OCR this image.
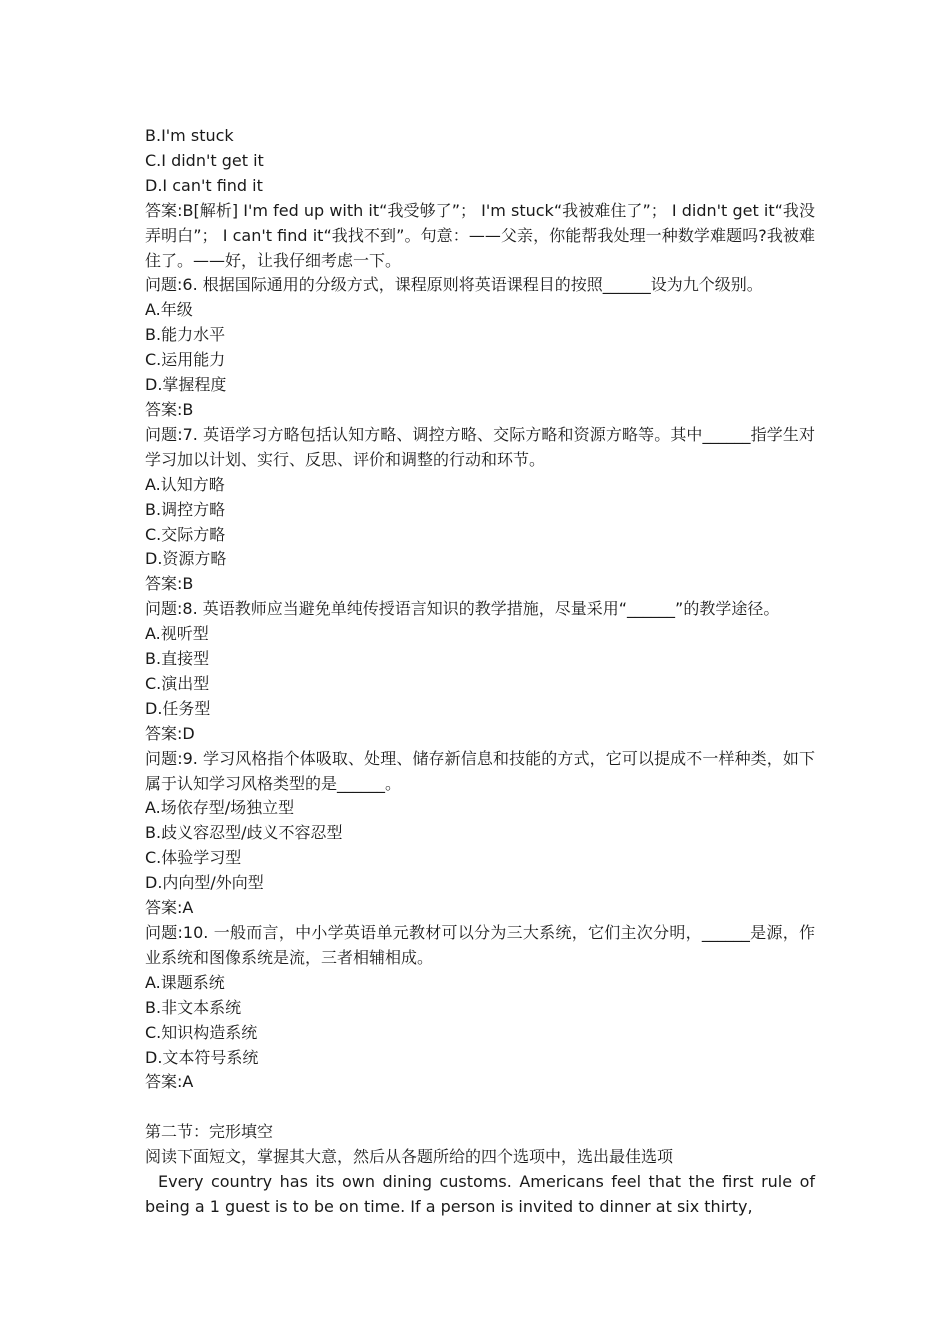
B.I'm stuck
C.I didn't get it
D.I can't find it
答案:B[解析] I'm fed up with it“我受够了”； I'm stuck“我被难住了”； I didn't get it“我没弄明白”； I can't find it“我找不到”。句意：——父亲，你能帮我处理一种数学难题吗?我被难住了。——好，让我仔细考虑一下。
问题:6. 根据国际通用的分级方式，课程原则将英语课程目的按照______设为九个级别。
A.年级
B.能力水平
C.运用能力
D.掌握程度
答案:B
问题:7. 英语学习方略包括认知方略、调控方略、交际方略和资源方略等。其中______指学生对学习加以计划、实行、反思、评价和调整的行动和环节。
A.认知方略
B.调控方略
C.交际方略
D.资源方略
答案:B
问题:8. 英语教师应当避免单纯传授语言知识的教学措施，尽量采用“______”的教学途径。
A.视听型
B.直接型
C.演出型
D.任务型
答案:D
问题:9. 学习风格指个体吸取、处理、储存新信息和技能的方式，它可以提成不一样种类，如下属于认知学习风格类型的是______。
A.场依存型/场独立型
B.歧义容忍型/歧义不容忍型
C.体验学习型
D.内向型/外向型
答案:A
问题:10. 一般而言，中小学英语单元教材可以分为三大系统，它们主次分明，______是源，作业系统和图像系统是流，三者相辅相成。
A.课题系统
B.非文本系统
C.知识构造系统
D.文本符号系统
答案:A
第二节：完形填空
阅读下面短文，掌握其大意，然后从各题所给的四个选项中，选出最佳选项
Every country has its own dining customs. Americans feel that the first rule of being a 1 guest is to be on time. If a person is invited to dinner at six thirty,
